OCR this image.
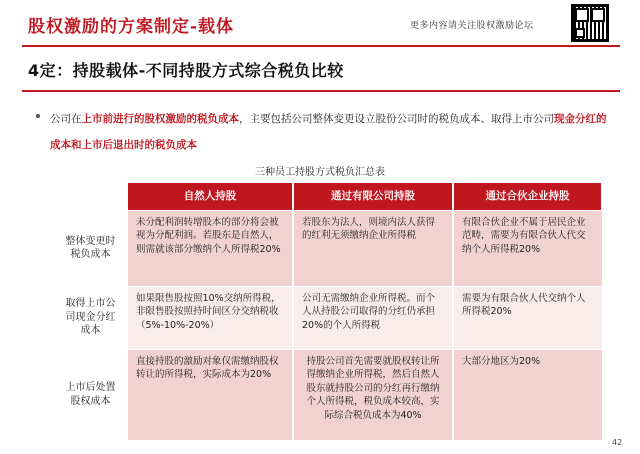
股权激励的方案制定-载体	更多内容请关注股权激励论坛
4定：持股载体-不同持股方式综合税负比较

公司在上市前进行的股权激励的税负成本，主要包括公司整体变更设立股份公司时的税负成本、取得上市公司现金分红的成本和上市后退出时的税负成本

三种员工持股方式税负汇总表
	自然人持股	通过有限公司持股	通过合伙企业持股
整体变更时税负成本	未分配利润转增股本的部分将会被视为分配利润。若股东是自然人，则需就该部分缴纳个人所得税20%	若股东为法人，则境内法人获得的红利无须缴纳企业所得税	有限合伙企业不属于居民企业范畴，需要为有限合伙人代交纳个人所得税20%
取得上市公司现金分红成本	如果限售股按照10%交纳所得税，非限售股按照持时间区分交纳税收（5%-10%-20%）	公司无需缴纳企业所得税。而个人从持股公司取得的分红仍承担20%的个人所得税	需要为有限合伙人代交纳个人所得税20%
上市后处置股权成本	直接持股的激励对象仅需缴纳股权转让的所得税，实际成本为20%	持股公司首先需要就股权转让所得缴纳企业所得税，然后自然人股东就持股公司的分红再行缴纳个人所得税，税负成本较高，实际综合税负成本为40%	大部分地区为20%
42
